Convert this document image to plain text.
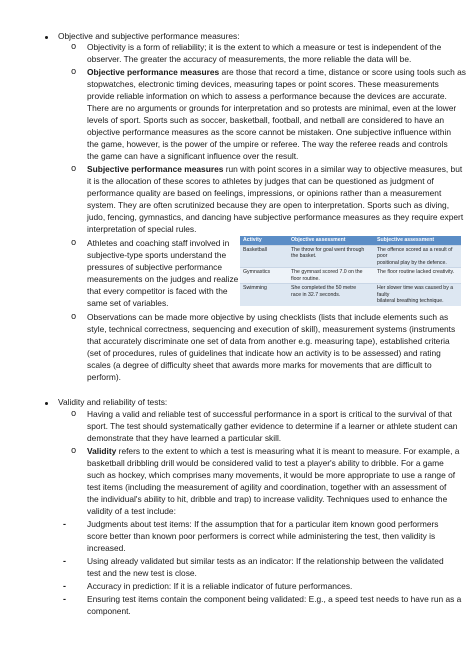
Objective and subjective performance measures:
o Objectivity is a form of reliability; it is the extent to which a measure or test is independent of the
observer. The greater the accuracy of measurements, the more reliable the data will be.
o Objective performance measures are those that record a time, distance or score using tools such as
stopwatches, electronic timing devices, measuring tapes or point scores. These measurements
provide reliable information on which to assess a performance because the devices are accurate.
There are no arguments or grounds for interpretation and so protests are minimal, even at the lower
levels of sport. Sports such as soccer, basketball, football, and netball are considered to have an
objective performance measures as the score cannot be mistaken. One subjective influence within
the game, however, is the power of the umpire or referee. The way the referee reads and controls
the game can have a significant influence over the result.
o Subjective performance measures run with point scores in a similar way to objective measures, but
it is the allocation of these scores to athletes by judges that can be questioned as judgment of
performance quality are based on feelings, impressions, or opinions rather than a measurement
system. They are often scrutinized because they are open to interpretation. Sports such as diving,
judo, fencing, gymnastics, and dancing have subjective performance measures as they require expert
interpretation of special rules.
o Athletes and coaching staff involved in
subjective-type sports understand the
pressures of subjective performance
measurements on the judges and realize
that every competitor is faced with the
same set of variables.
Activity	Objective assessment	Subjective assessment
Basketball	The throw for goal went through
the basket.	The offence scored as a result of poor
positional play by the defence.
Gymnastics	The gymnast scored 7.0 on the
floor routine.	The floor routine lacked creativity.
Swimming	She completed the 50 metre
race in 32.7 seconds.	Her slower time was caused by a faulty
bilateral breathing technique.
o Observations can be made more objective by using checklists (lists that include elements such as
style, technical correctness, sequencing and execution of skill), measurement systems (instruments
that accurately discriminate one set of data from another e.g. measuring tape), established criteria
(set of procedures, rules of guidelines that indicate how an activity is to be assessed) and rating
scales (a degree of difficulty sheet that awards more marks for movements that are difficult to
perform).
Validity and reliability of tests:
o Having a valid and reliable test of successful performance in a sport is critical to the survival of that
sport. The test should systematically gather evidence to determine if a learner or athlete student can
demonstrate that they have learned a particular skill.
o Validity refers to the extent to which a test is measuring what it is meant to measure. For example, a
basketball dribbling drill would be considered valid to test a player's ability to dribble. For a game
such as hockey, which comprises many movements, it would be more appropriate to use a range of
test items (including the measurement of agility and coordination, together with an assessment of
the individual's ability to hit, dribble and trap) to increase validity. Techniques used to enhance the
validity of a test include:
-	Judgments about test items: If the assumption that for a particular item known good performers
score better than known poor performers is correct while administering the test, then validity is
increased.
-	Using already validated but similar tests as an indicator: If the relationship between the validated
test and the new test is close.
-	Accuracy in prediction: If it is a reliable indicator of future performances.
-	Ensuring test items contain the component being validated: E.g., a speed test needs to have run as a
component.
